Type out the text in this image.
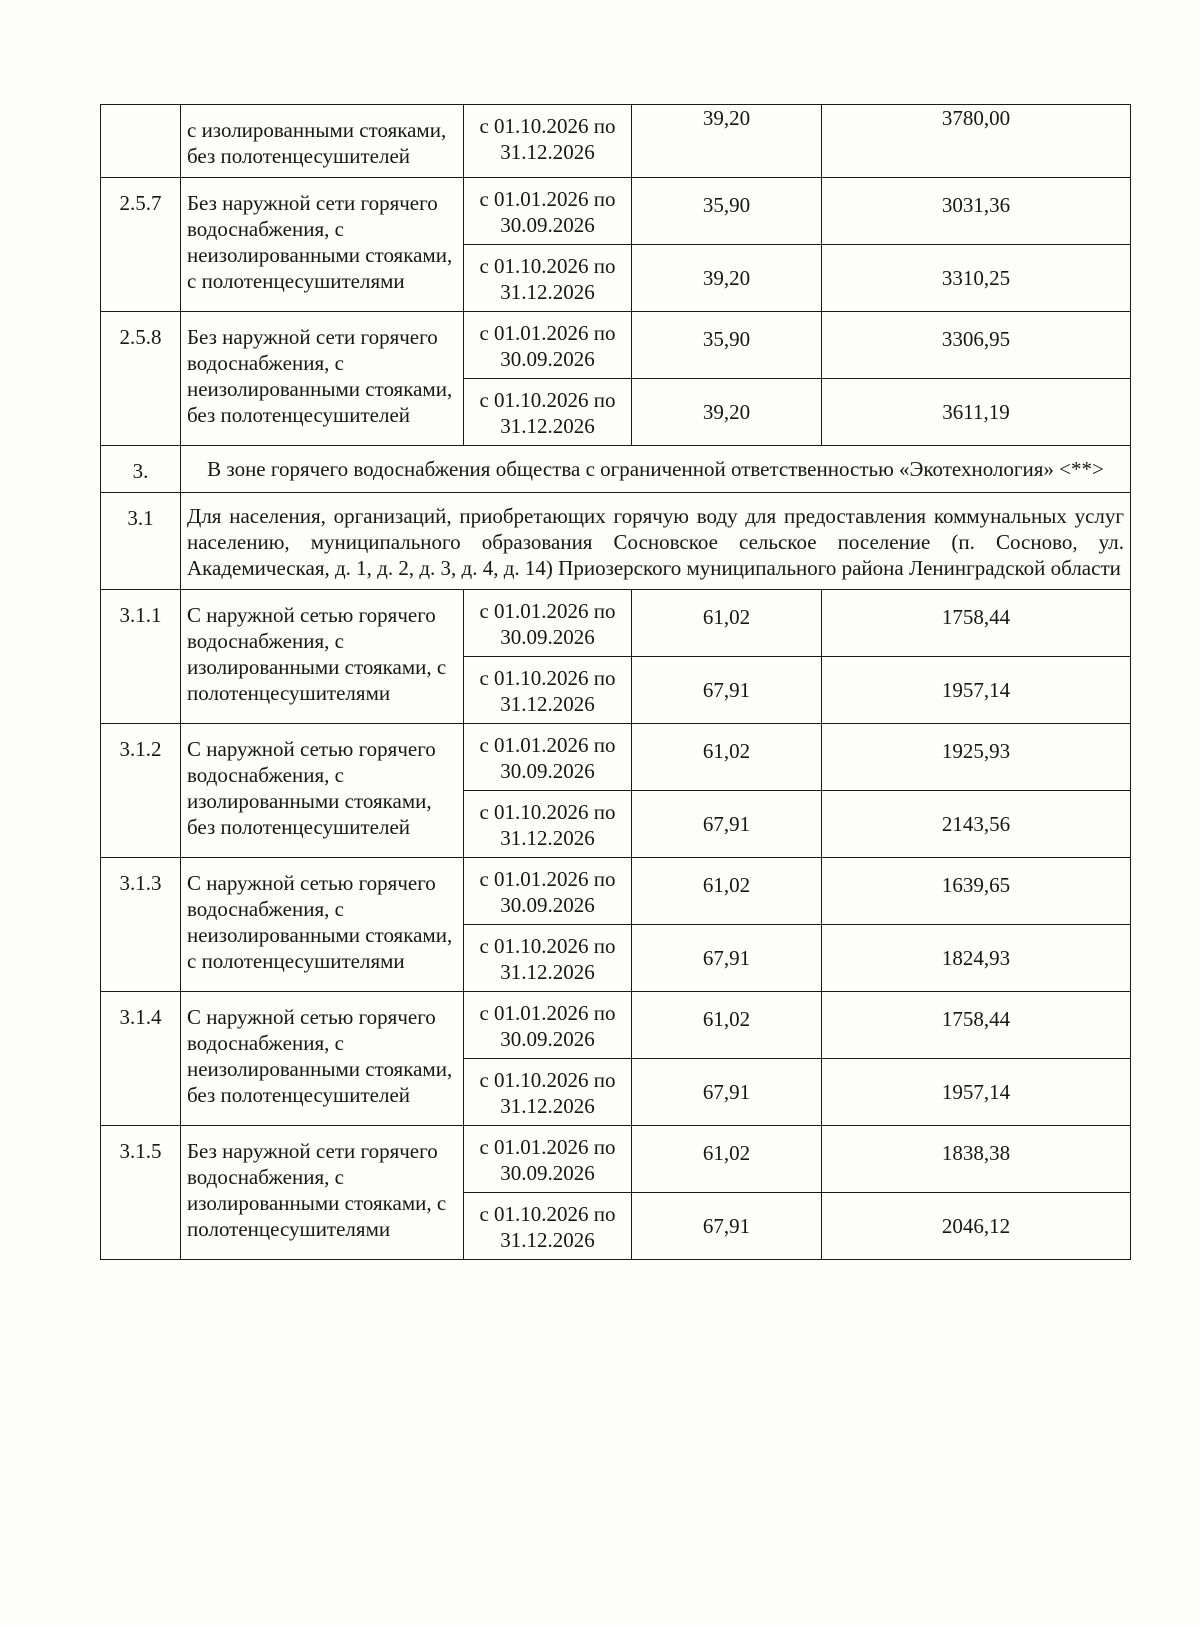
	с изолированными стояками, без полотенцесушителей	с 01.10.2026 по 31.12.2026	39,20	3780,00
2.5.7	Без наружной сети горячего водоснабжения, с неизолированными стояками, с полотенцесушителями	с 01.01.2026 по 30.09.2026	35,90	3031,36
		с 01.10.2026 по 31.12.2026	39,20	3310,25
2.5.8	Без наружной сети горячего водоснабжения, с неизолированными стояками, без полотенцесушителей	с 01.01.2026 по 30.09.2026	35,90	3306,95
		с 01.10.2026 по 31.12.2026	39,20	3611,19
3.	В зоне горячего водоснабжения общества с ограниченной ответственностью «Экотехнология» <**>			
3.1	Для населения, организаций, приобретающих горячую воду для предоставления коммунальных услуг населению, муниципального образования Сосновское сельское поселение (п. Сосново, ул. Академическая, д. 1, д. 2, д. 3, д. 4, д. 14) Приозерского муниципального района Ленинградской области			
3.1.1	С наружной сетью горячего водоснабжения, с изолированными стояками, с полотенцесушителями	с 01.01.2026 по 30.09.2026	61,02	1758,44
		с 01.10.2026 по 31.12.2026	67,91	1957,14
3.1.2	С наружной сетью горячего водоснабжения, с изолированными стояками, без полотенцесушителей	с 01.01.2026 по 30.09.2026	61,02	1925,93
		с 01.10.2026 по 31.12.2026	67,91	2143,56
3.1.3	С наружной сетью горячего водоснабжения, с неизолированными стояками, с полотенцесушителями	с 01.01.2026 по 30.09.2026	61,02	1639,65
		с 01.10.2026 по 31.12.2026	67,91	1824,93
3.1.4	С наружной сетью горячего водоснабжения, с неизолированными стояками, без полотенцесушителей	с 01.01.2026 по 30.09.2026	61,02	1758,44
		с 01.10.2026 по 31.12.2026	67,91	1957,14
3.1.5	Без наружной сети горячего водоснабжения, с изолированными стояками, с полотенцесушителями	с 01.01.2026 по 30.09.2026	61,02	1838,38
		с 01.10.2026 по 31.12.2026	67,91	2046,12
